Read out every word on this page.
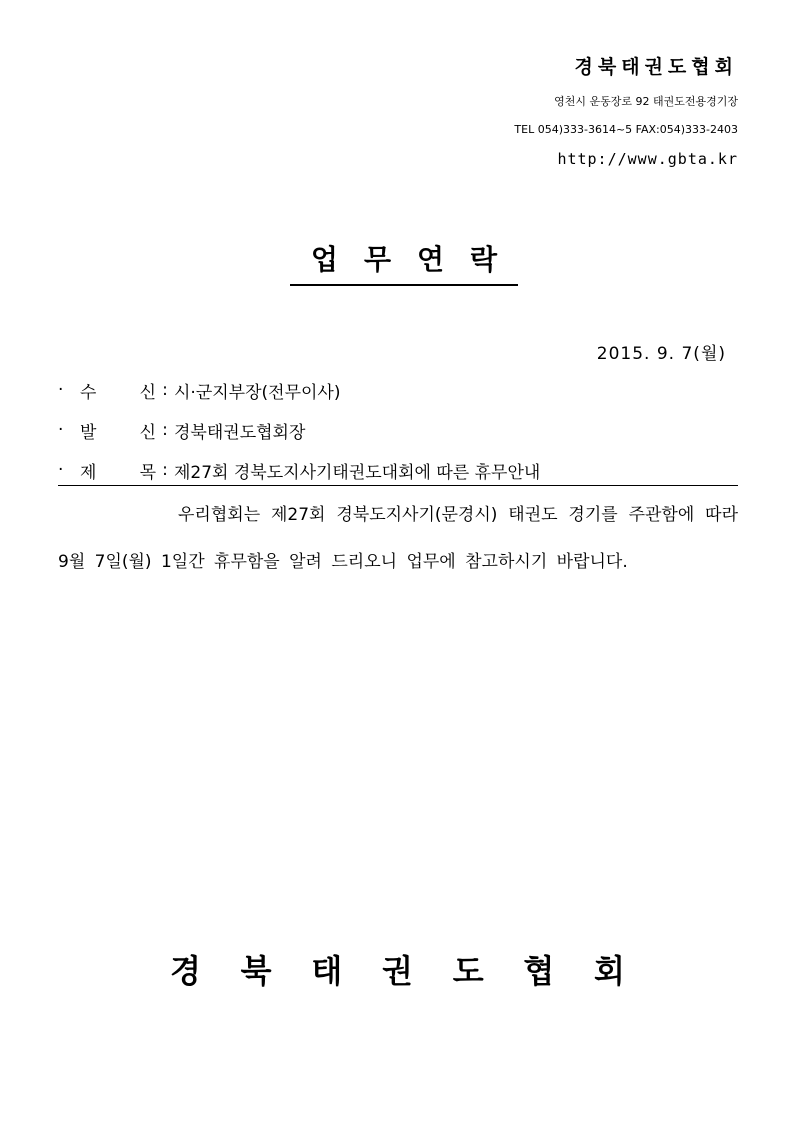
경북태권도협회
영천시 운동장로 92 태권도전용경기장
TEL 054)333-3614~5 FAX:054)333-2403
http://www.gbta.kr
업무연락
2015. 9. 7(월)
· 수	신 : 시·군지부장(전무이사)
· 발	신 : 경북태권도협회장
· 제	목 : 제27회 경북도지사기태권도대회에 따른 휴무안내

우리협회는 제27회 경북도지사기(문경시) 태권도 경기를 주관함에 따라 9월 7일(월) 1일간 휴무함을 알려 드리오니 업무에 참고하시기 바랍니다.

경 북 태 권 도 협 회
